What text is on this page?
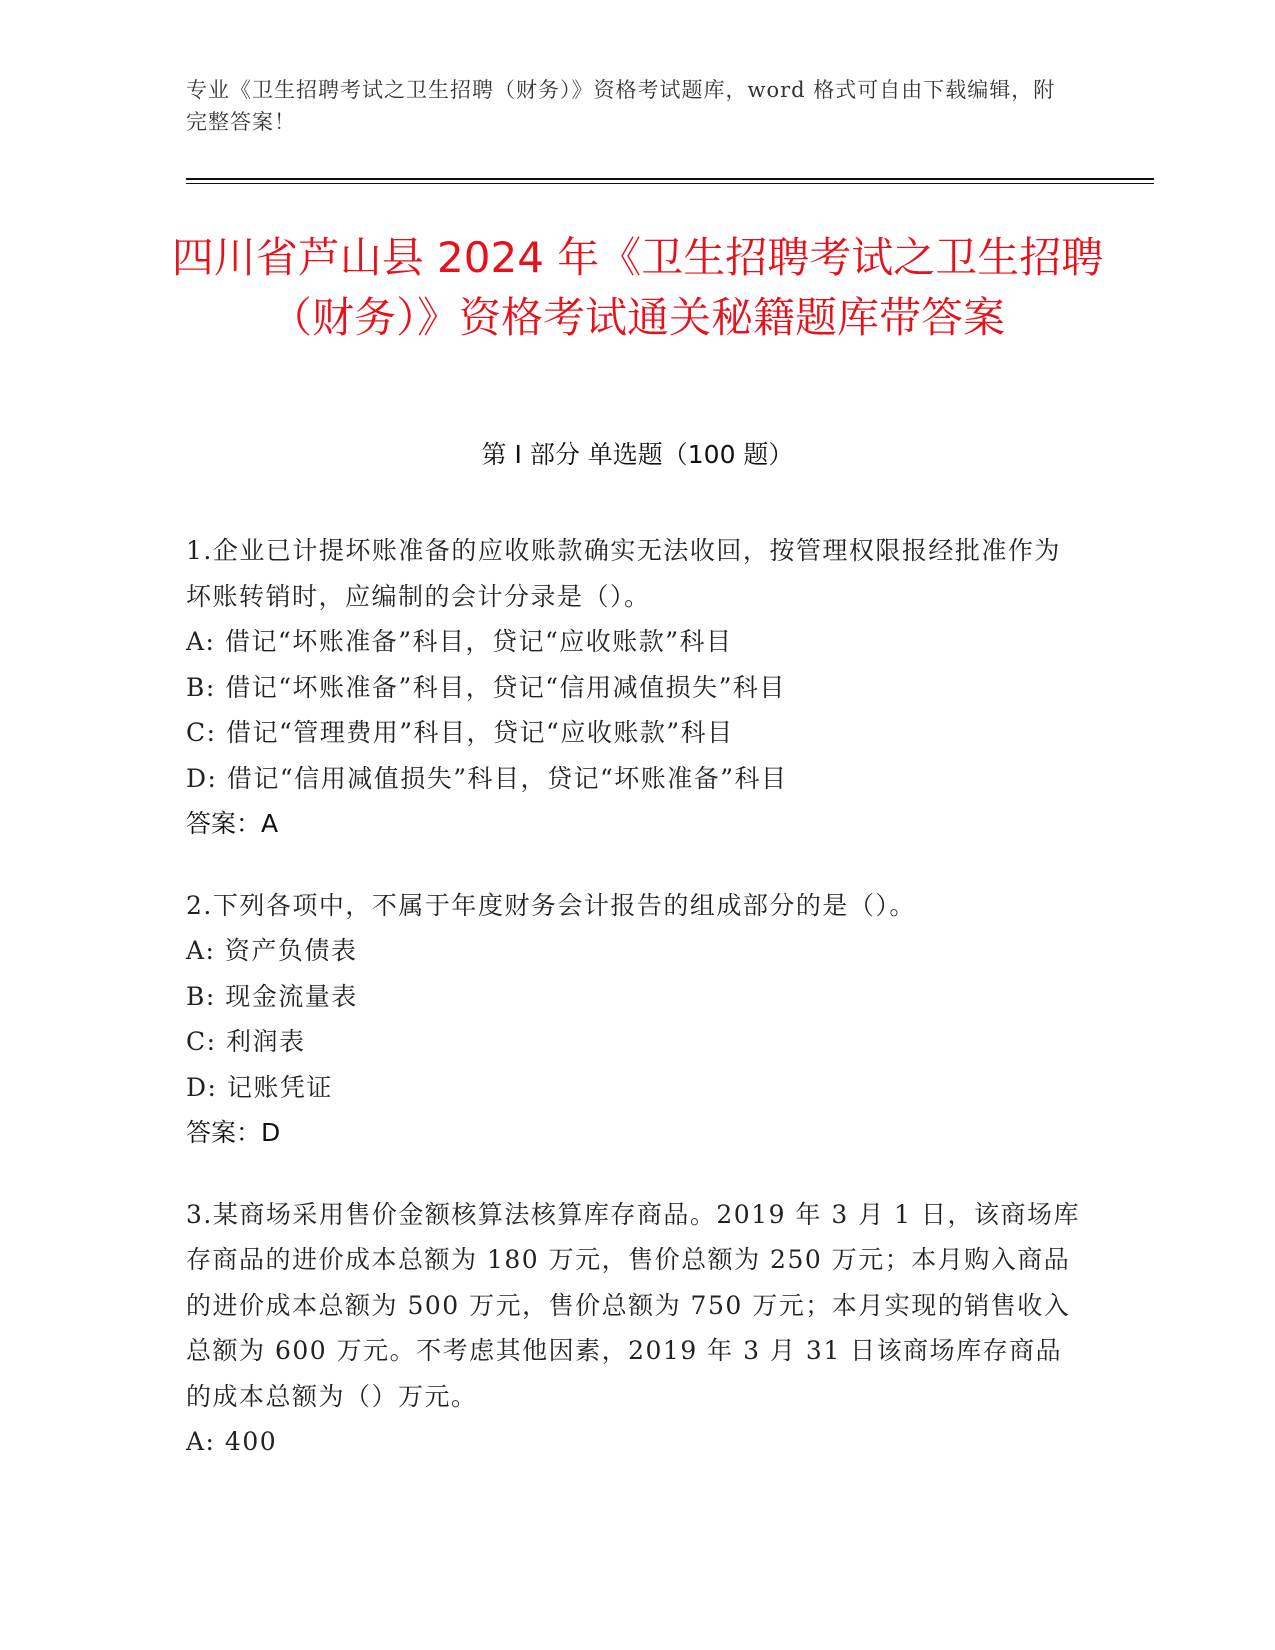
专业《卫生招聘考试之卫生招聘（财务）》资格考试题库，word 格式可自由下载编辑，附完整答案！
四川省芦山县 2024 年《卫生招聘考试之卫生招聘（财务）》资格考试通关秘籍题库带答案
第 I 部分 单选题（100 题）
1.企业已计提坏账准备的应收账款确实无法收回，按管理权限报经批准作为坏账转销时，应编制的会计分录是（）。
A: 借记“坏账准备”科目，贷记“应收账款”科目
B: 借记“坏账准备”科目，贷记“信用减值损失”科目
C: 借记“管理费用”科目，贷记“应收账款”科目
D: 借记“信用减值损失”科目，贷记“坏账准备”科目
答案：A
2.下列各项中，不属于年度财务会计报告的组成部分的是（）。
A: 资产负债表
B: 现金流量表
C: 利润表
D: 记账凭证
答案：D
3.某商场采用售价金额核算法核算库存商品。2019 年 3 月 1 日，该商场库存商品的进价成本总额为 180 万元，售价总额为 250 万元；本月购入商品的进价成本总额为 500 万元，售价总额为 750 万元；本月实现的销售收入总额为 600 万元。不考虑其他因素，2019 年 3 月 31 日该商场库存商品的成本总额为（）万元。
A: 400
